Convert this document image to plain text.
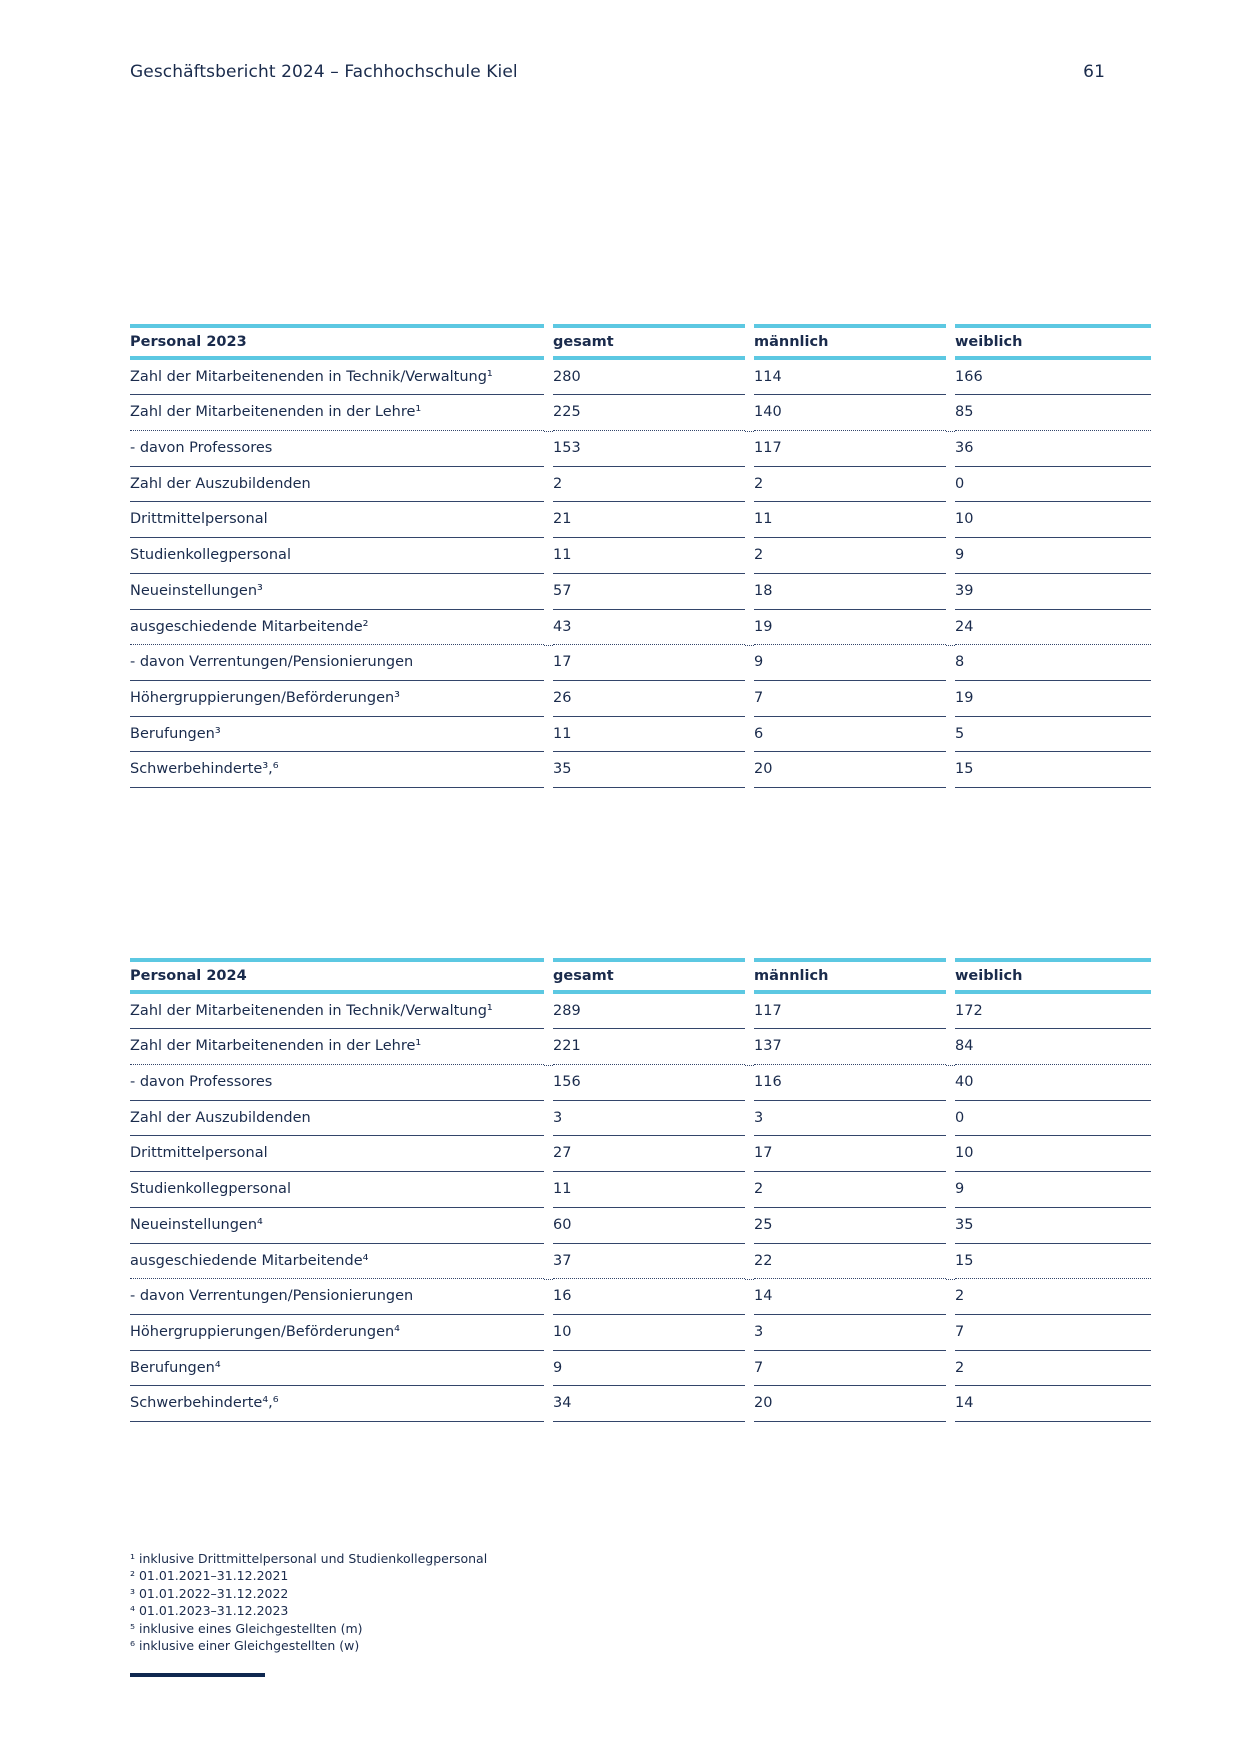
Geschäftsbericht 2024 – Fachhochschule Kiel	61
Personal 2023	gesamt	männlich	weiblich
Zahl der Mitarbeitenenden in Technik/Verwaltung¹	280	114	166
Zahl der Mitarbeitenenden in der Lehre¹	225	140	85
- davon Professores	153	117	36
Zahl der Auszubildenden	2	2	0
Drittmittelpersonal	21	11	10
Studienkollegpersonal	11	2	9
Neueinstellungen³	57	18	39
ausgeschiedende Mitarbeitende²	43	19	24
- davon Verrentungen/Pensionierungen	17	9	8
Höhergruppierungen/Beförderungen³	26	7	19
Berufungen³	11	6	5
Schwerbehinderte³,⁶	35	20	15
Personal 2024	gesamt	männlich	weiblich
Zahl der Mitarbeitenenden in Technik/Verwaltung¹	289	117	172
Zahl der Mitarbeitenenden in der Lehre¹	221	137	84
- davon Professores	156	116	40
Zahl der Auszubildenden	3	3	0
Drittmittelpersonal	27	17	10
Studienkollegpersonal	11	2	9
Neueinstellungen⁴	60	25	35
ausgeschiedende Mitarbeitende⁴	37	22	15
- davon Verrentungen/Pensionierungen	16	14	2
Höhergruppierungen/Beförderungen⁴	10	3	7
Berufungen⁴	9	7	2
Schwerbehinderte⁴,⁶	34	20	14
¹ inklusive Drittmittelpersonal und Studienkollegpersonal
² 01.01.2021–31.12.2021
³ 01.01.2022–31.12.2022
⁴ 01.01.2023–31.12.2023
⁵ inklusive eines Gleichgestellten (m)
⁶ inklusive einer Gleichgestellten (w)
